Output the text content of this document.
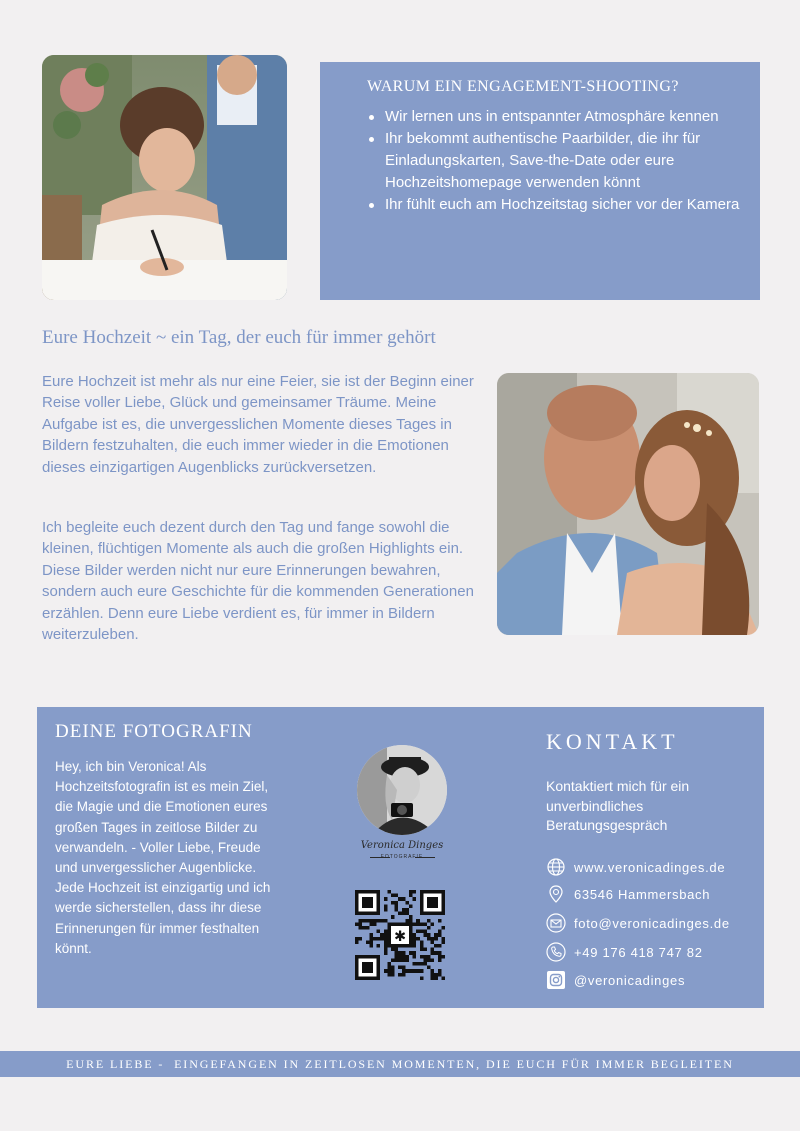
WARUM EIN ENGAGEMENT-SHOOTING?
Wir lernen uns in entspannter Atmosphäre kennen
Ihr bekommt authentische Paarbilder, die ihr für Einladungskarten, Save-the-Date oder eure Hochzeitshomepage verwenden könnt
Ihr fühlt euch am Hochzeitstag sicher vor der Kamera
Eure Hochzeit ~ ein Tag, der euch für immer gehört

Eure Hochzeit ist mehr als nur eine Feier, sie ist der Beginn einer Reise voller Liebe, Glück und gemeinsamer Träume. Meine Aufgabe ist es, die unvergesslichen Momente dieses Tages in Bildern festzuhalten, die euch immer wieder in die Emotionen dieses einzigartigen Augenblicks zurückversetzen.

Ich begleite euch dezent durch den Tag und fange sowohl die kleinen, flüchtigen Momente als auch die großen Highlights ein. Diese Bilder werden nicht nur eure Erinnerungen bewahren, sondern auch eure Geschichte für die kommenden Generationen erzählen. Denn eure Liebe verdient es, für immer in Bildern weiterzuleben.

DEINE FOTOGRAFIN

Hey, ich bin Veronica! Als Hochzeitsfotografin ist es mein Ziel, die Magie und die Emotionen eures großen Tages in zeitlose Bilder zu verwandeln. - Voller Liebe, Freude und unvergesslicher Augenblicke. Jede Hochzeit ist einzigartig und ich werde sicherstellen, dass ihr diese Erinnerungen für immer festhalten könnt.

Veronica Dinges
FOTOGRAFIE
✱
KONTAKT

Kontaktiert mich für ein unverbindliches Beratungsgespräch

www.veronicadinges.de
63546 Hammersbach
foto@veronicadinges.de
+49 176 418 747 82
@veronicadinges
EURE LIEBE -  EINGEFANGEN IN ZEITLOSEN MOMENTEN, DIE EUCH FÜR IMMER BEGLEITEN
